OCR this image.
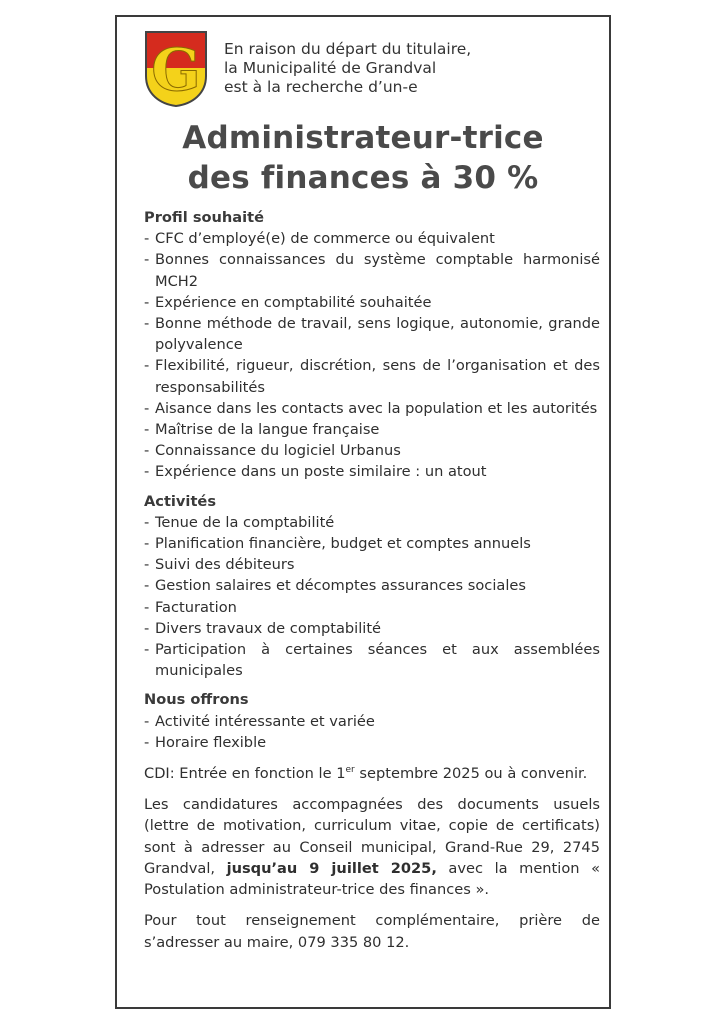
G En raison du départ du titulaire,
la Municipalité de Grandval
est à la recherche d’un-e
Administrateur-trice
des finances à 30 %
Profil souhaité
- CFC d’employé(e) de commerce ou équivalent
- Bonnes connaissances du système comptable harmonisé MCH2
- Expérience en comptabilité souhaitée
- Bonne méthode de travail, sens logique, autonomie, grande polyvalence
- Flexibilité, rigueur, discrétion, sens de l’organisation et des responsabilités
- Aisance dans les contacts avec la population et les autorités
- Maîtrise de la langue française
- Connaissance du logiciel Urbanus
- Expérience dans un poste similaire : un atout
Activités
- Tenue de la comptabilité
- Planification financière, budget et comptes annuels
- Suivi des débiteurs
- Gestion salaires et décomptes assurances sociales
- Facturation
- Divers travaux de comptabilité
- Participation à certaines séances et aux assemblées municipales
Nous offrons
- Activité intéressante et variée
- Horaire flexible

CDI: Entrée en fonction le 1er septembre 2025 ou à convenir.

Les candidatures accompagnées des documents usuels (lettre de motivation, curriculum vitae, copie de certificats) sont à adresser au Conseil municipal, Grand-Rue 29, 2745 Grandval, jusqu’au 9 juillet 2025, avec la mention « Postulation administrateur-trice des finances ».

Pour tout renseignement complémentaire, prière de s’adresser au maire, 079 335 80 12.
